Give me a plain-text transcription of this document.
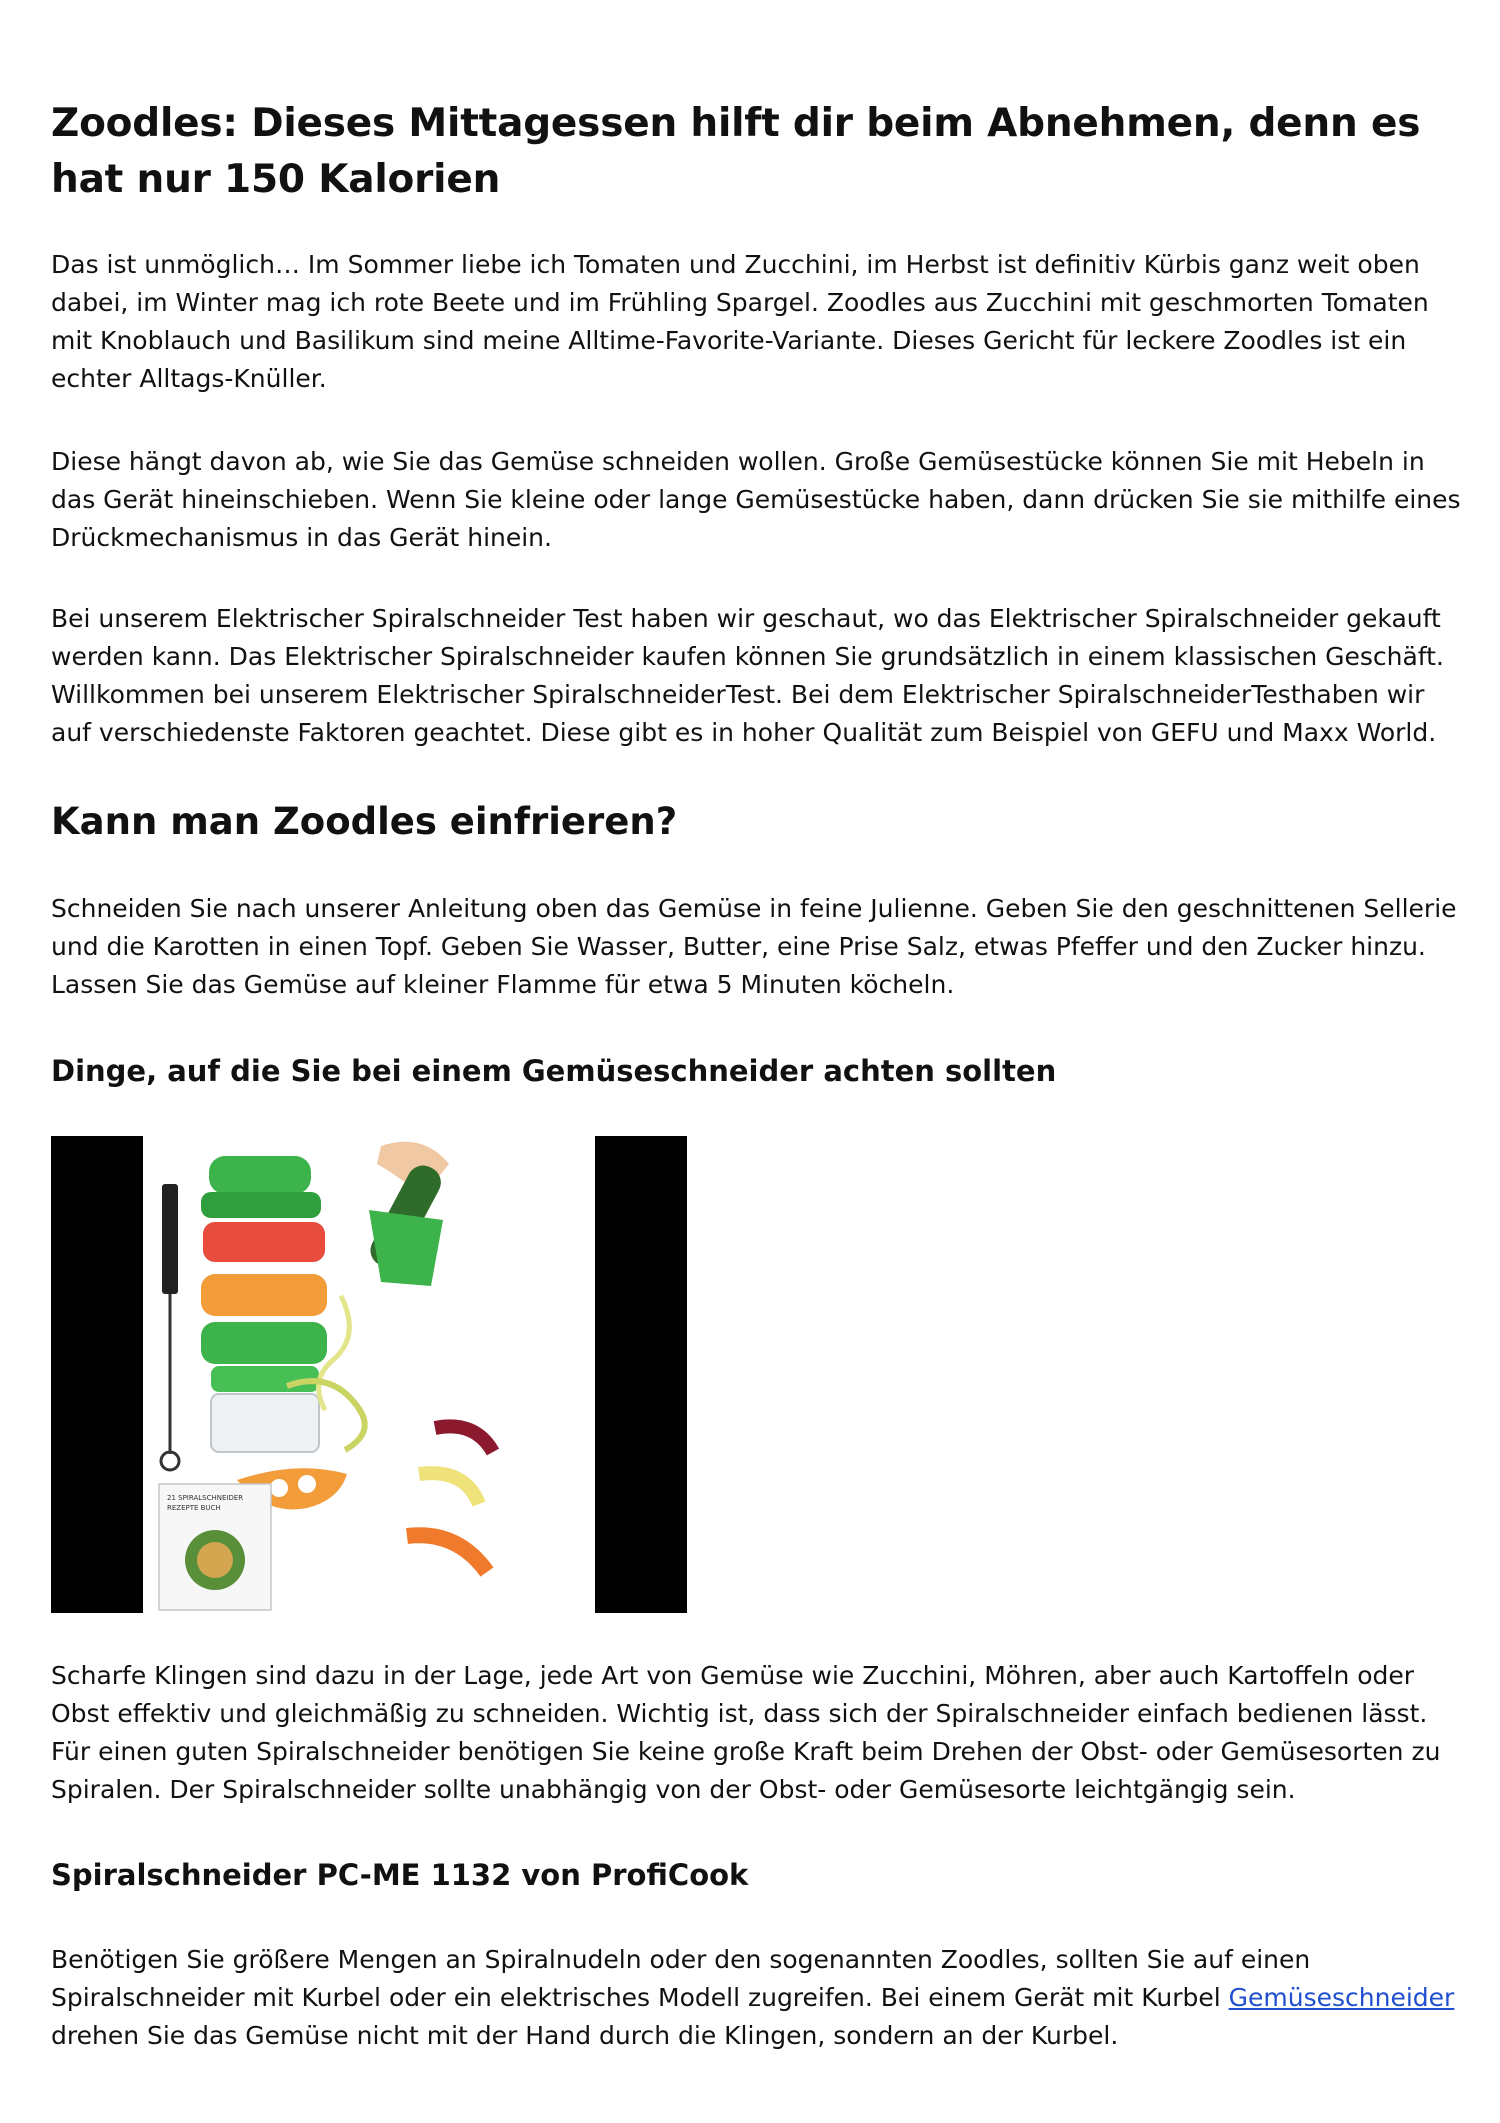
Zoodles: Dieses Mittagessen hilft dir beim Abnehmen, denn es hat nur 150 Kalorien

Das ist unmöglich… Im Sommer liebe ich Tomaten und Zucchini, im Herbst ist definitiv Kürbis ganz weit oben dabei, im Winter mag ich rote Beete und im Frühling Spargel. Zoodles aus Zucchini mit geschmorten Tomaten mit Knoblauch und Basilikum sind meine Alltime-Favorite-Variante. Dieses Gericht für leckere Zoodles ist ein echter Alltags-Knüller.

Diese hängt davon ab, wie Sie das Gemüse schneiden wollen. Große Gemüsestücke können Sie mit Hebeln in das Gerät hineinschieben. Wenn Sie kleine oder lange Gemüsestücke haben, dann drücken Sie sie mithilfe eines Drückmechanismus in das Gerät hinein.

Bei unserem Elektrischer Spiralschneider Test haben wir geschaut, wo das Elektrischer Spiralschneider gekauft werden kann. Das Elektrischer Spiralschneider kaufen können Sie grundsätzlich in einem klassischen Geschäft. Willkommen bei unserem Elektrischer SpiralschneiderTest. Bei dem Elektrischer SpiralschneiderTesthaben wir auf verschiedenste Faktoren geachtet. Diese gibt es in hoher Qualität zum Beispiel von GEFU und Maxx World.

Kann man Zoodles einfrieren?

Schneiden Sie nach unserer Anleitung oben das Gemüse in feine Julienne. Geben Sie den geschnittenen Sellerie und die Karotten in einen Topf. Geben Sie Wasser, Butter, eine Prise Salz, etwas Pfeffer und den Zucker hinzu. Lassen Sie das Gemüse auf kleiner Flamme für etwa 5 Minuten köcheln.

Dinge, auf die Sie bei einem Gemüseschneider achten sollten
21 SPIRALSCHNEIDER
REZEPTE BUCH

Scharfe Klingen sind dazu in der Lage, jede Art von Gemüse wie Zucchini, Möhren, aber auch Kartoffeln oder Obst effektiv und gleichmäßig zu schneiden. Wichtig ist, dass sich der Spiralschneider einfach bedienen lässt. Für einen guten Spiralschneider benötigen Sie keine große Kraft beim Drehen der Obst- oder Gemüsesorten zu Spiralen. Der Spiralschneider sollte unabhängig von der Obst- oder Gemüsesorte leichtgängig sein.

Spiralschneider PC-ME 1132 von ProfiCook

Benötigen Sie größere Mengen an Spiralnudeln oder den sogenannten Zoodles, sollten Sie auf einen Spiralschneider mit Kurbel oder ein elektrisches Modell zugreifen. Bei einem Gerät mit Kurbel Gemüseschneider drehen Sie das Gemüse nicht mit der Hand durch die Klingen, sondern an der Kurbel.
